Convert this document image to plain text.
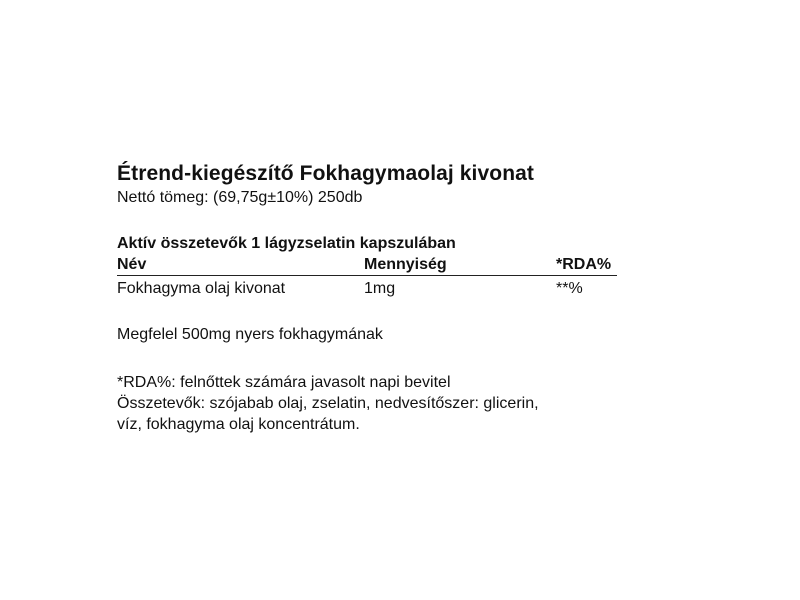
Étrend-kiegészítő Fokhagymaolaj kivonat

Nettó tömeg: (69,75g±10%) 250db

Aktív összetevők 1 lágyzselatin kapszulában

Név	Mennyiség	*RDA%
Fokhagyma olaj kivonat	1mg	**%

Megfelel 500mg nyers fokhagymának

*RDA%: felnőttek számára javasolt napi bevitel

Összetevők: szójabab olaj, zselatin, nedvesítőszer: glicerin,

víz, fokhagyma olaj koncentrátum.
